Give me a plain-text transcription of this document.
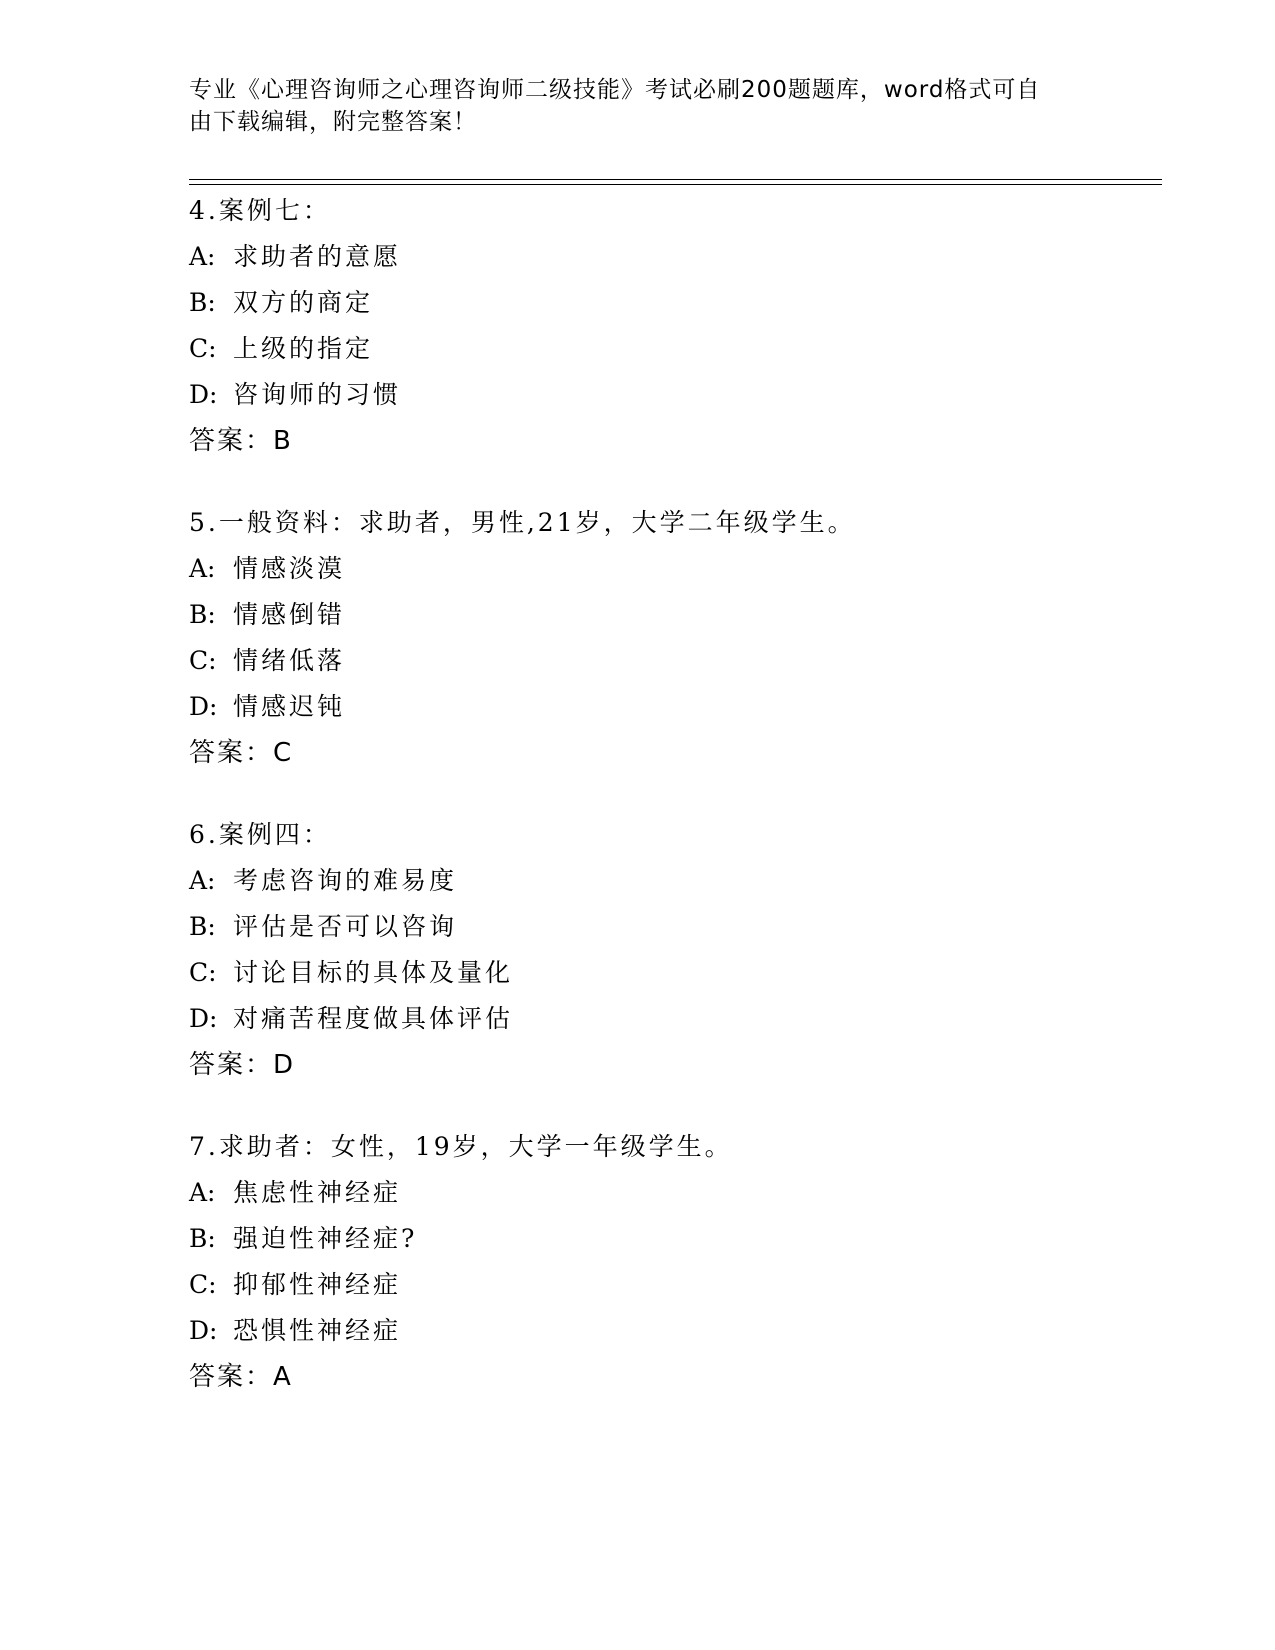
专业《心理咨询师之心理咨询师二级技能》考试必刷200题题库，word格式可自
由下载编辑，附完整答案！
4.案例七：
A: 求助者的意愿
B: 双方的商定
C: 上级的指定
D: 咨询师的习惯
答案：B
5.一般资料：求助者，男性,21岁，大学二年级学生。
A: 情感淡漠
B: 情感倒错
C: 情绪低落
D: 情感迟钝
答案：C
6.案例四：
A: 考虑咨询的难易度
B: 评估是否可以咨询
C: 讨论目标的具体及量化
D: 对痛苦程度做具体评估
答案：D
7.求助者：女性，19岁，大学一年级学生。
A: 焦虑性神经症
B: 强迫性神经症?
C: 抑郁性神经症
D: 恐惧性神经症
答案：A
